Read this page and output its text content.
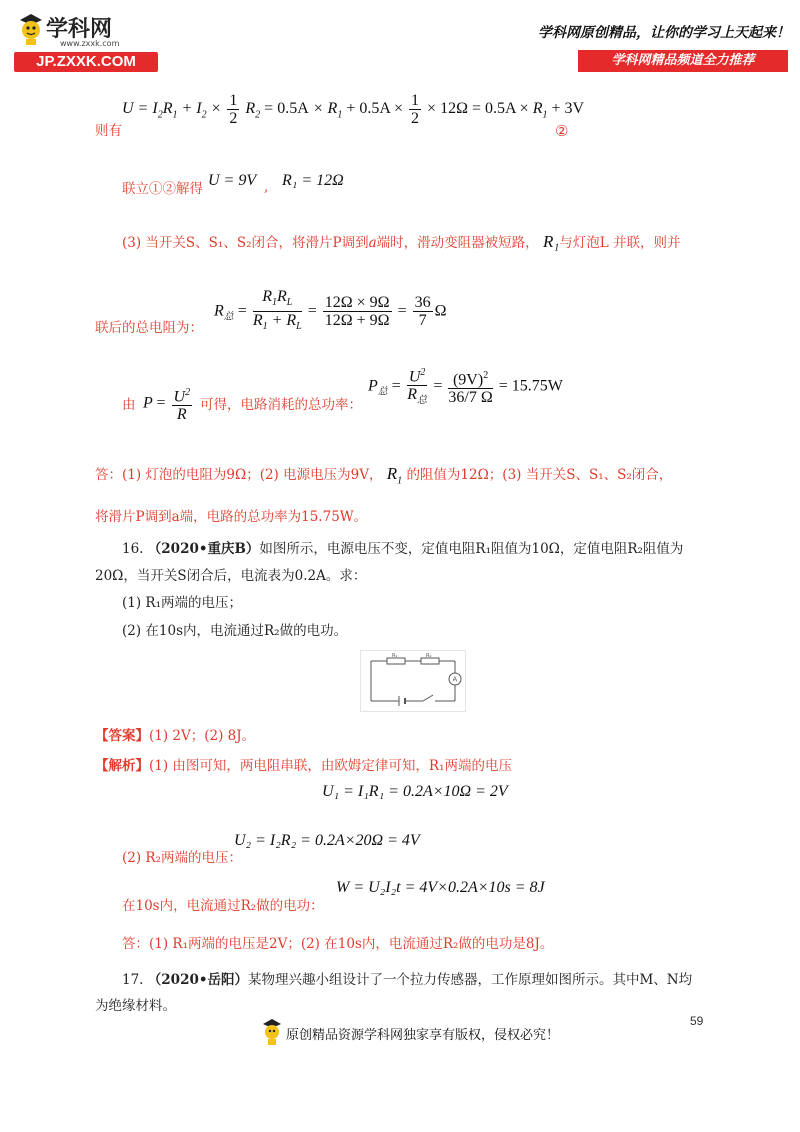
学科网
www.zxxk.com
JP.ZXXK.COM
学科网原创精品，让你的学习上天起来！
学科网精品频道全力推荐
则有
$U = I_2R_1 + I_2 \times \frac{1}{2} R_2 = 0.5A \times R_1 + 0.5A \times \frac{1}{2} \times 12\Omega = 0.5A \times R_1 + 3V$
②
联立①②解得 U = 9V , R₁ = 12Ω
(3) 当开关S、S₁、S₂闭合，将滑片P调到a端时，滑动变阻器被短路， R₁与灯泡L 并联，则并
联后的总电阻为：
$R_总 = \frac{R_1R_L}{R_1 + R_L} = \frac{12\Omega \times 9\Omega}{12\Omega + 9\Omega} = \frac{36}{7}$ Ω
由 $P = \frac{U^2}{R}$ 可得，电路消耗的总功率：
$P_总 = \frac{U^2}{R_总} = \frac{(9V)^2}{36/7 \Omega} = 15.75W$
答：(1) 灯泡的电阻为9Ω；(2) 电源电压为9V， $R_1$ 的阻值为12Ω；(3) 当开关S、S₁、S₂闭合，
将滑片P调到a端，电路的总功率为15.75W。
16. （2020•重庆B）如图所示，电源电压不变，定值电阻R₁阻值为10Ω，定值电阻R₂阻值为
20Ω，当开关S闭合后，电流表为0.2A。求：
(1) R₁两端的电压；
(2) 在10s内，电流通过R₂做的电功。
R₁	R₂
A
【答案】(1) 2V；(2) 8J。
【解析】(1) 由图可知，两电阻串联，由欧姆定律可知，R₁两端的电压
U₁ = I₁R₁ = 0.2A×10Ω = 2V
(2) R₂两端的电压：
U₂ = I₂R₂ = 0.2A×20Ω = 4V
在10s内，电流通过R₂做的电功：
W = U₂I₂t = 4V×0.2A×10s = 8J
答：(1) R₁两端的电压是2V；(2) 在10s内，电流通过R₂做的电功是8J。
17. （2020•岳阳）某物理兴趣小组设计了一个拉力传感器，工作原理如图所示。其中M、N均
为绝缘材料。
59
原创精品资源学科网独家享有版权，侵权必究！
